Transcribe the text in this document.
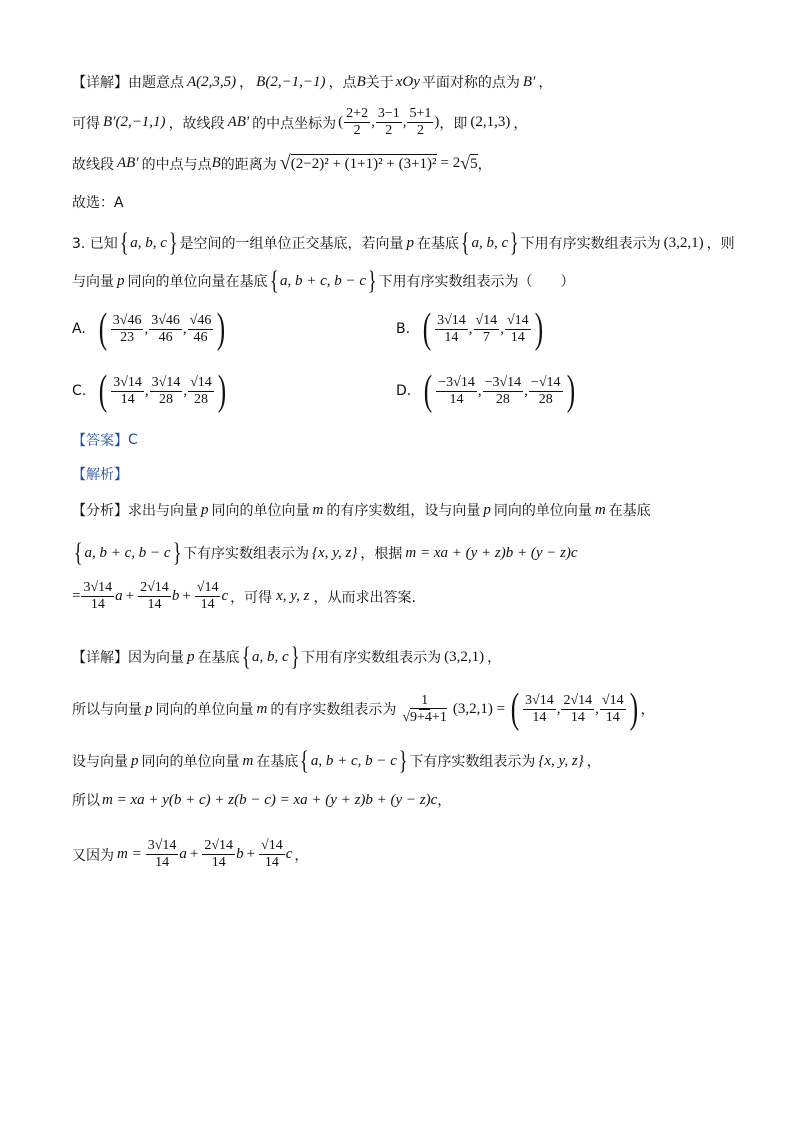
【详解】 由题意点 A(2,3,5) ， B(2,−1,−1) ，点 B 关于 xOy 平面对称的点为 B′ ，
可得 B′(2,−1,1) ，故线段 AB′ 的中点坐标为 ( $\frac{2+2}{2}$ , $\frac{3-1}{2}$ , $\frac{5+1}{2}$ ) ，即 (2,1,3) ，
故线段 AB′ 的中点与点 B 的距离为 √ (2−2)² + (1+1)² + (3+1)² = 2 √ 5 ，
故选：A
3. 已知 { a, b, c } 是空间的一组单位正交基底，若向量 p 在基底 { a, b, c } 下用有序实数组表示为 (3,2,1) ，则
与向量 p 同向的单位向量在基底 { a, b + c, b − c } 下用有序实数组表示为（　　）
A. ( $\frac{3√46}{23}$ , $\frac{3√46}{46}$ , $\frac{√46}{46}$ )	B. ( $\frac{3√14}{14}$ , $\frac{√14}{7}$ , $\frac{√14}{14}$ )
C. ( $\frac{3√14}{14}$ , $\frac{3√14}{28}$ , $\frac{√14}{28}$ )	D. ( $\frac{-3√14}{14}$ , $\frac{-3√14}{28}$ , $\frac{-√14}{28}$ )
【答案】 C
【解析】
【分析】 求出与向量 p 同向的单位向量 m 的有序实数组，设与向量 p 同向的单位向量 m 在基底
{ a, b + c, b − c } 下有序实数组表示为 {x, y, z} ，根据 m = xa + (y + z)b + (y − z)c
= $\frac{3√14}{14}$ $a + \frac{2√14}{14}$ $b + \frac{√14}{14}$ c ，可得 x, y, z ，从而求出答案.
【详解】 因为向量 p 在基底 { a, b, c } 下用有序实数组表示为 (3,2,1) ，
所以与向量 p 同向的单位向量 m 的有序实数组表示为 $\frac{1}{√9+4+1} (3,2,1)$ = ( $\frac{3√14}{14}$ , $\frac{2√14}{14}$ , $\frac{√14}{14}$ ) ，
设与向量 p 同向的单位向量 m 在基底 { a, b + c, b − c } 下有序实数组表示为 {x, y, z} ，
所以 m = xa + y(b + c) + z(b − c) = xa + (y + z)b + (y − z)c ，
又因为 $m = \frac{3√14}{14}$ $a + \frac{2√14}{14}$ $b + \frac{√14}{14}$ c ，
